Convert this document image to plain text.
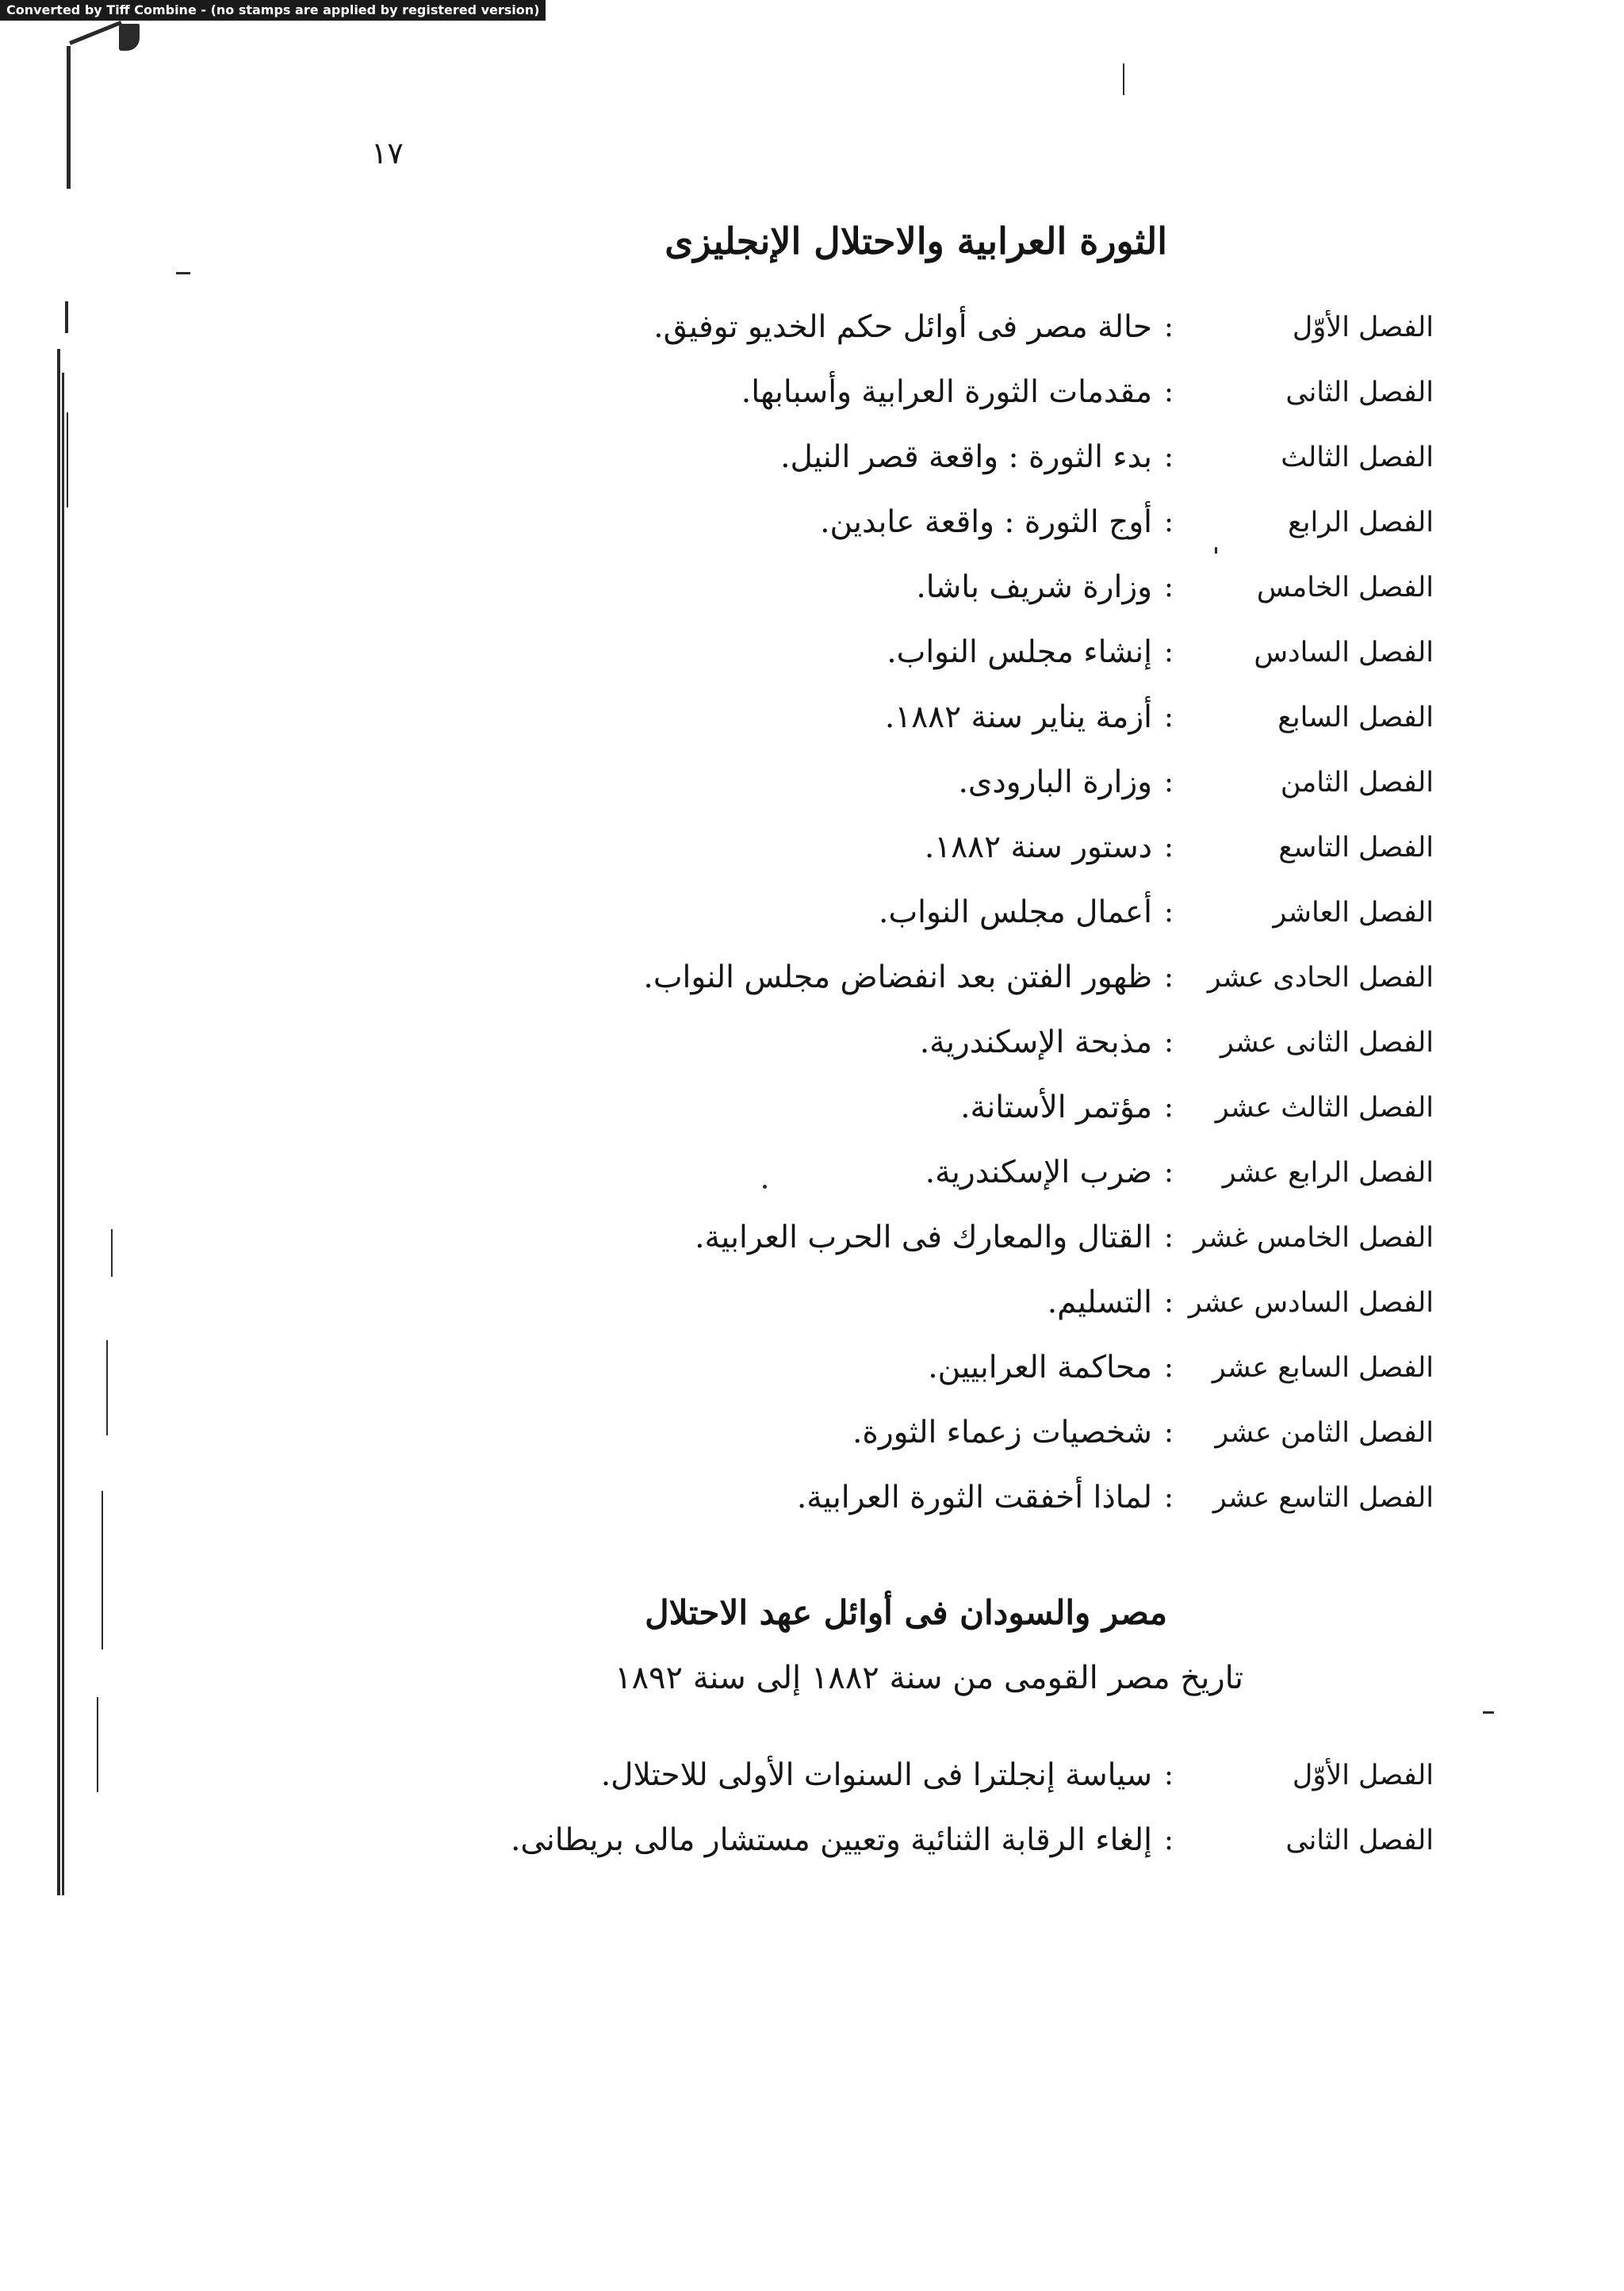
Converted by Tiff Combine - (no stamps are applied by registered version)
١٧
الثورة العرابية والاحتلال الإنجليزى
الفصل الأوّل
:
حالة مصر فى أوائل حكم الخديو توفيق.
الفصل الثانى
:
مقدمات الثورة العرابية وأسبابها.
الفصل الثالث
:
بدء الثورة : واقعة قصر النيل.
الفصل الرابع
:
أوج الثورة : واقعة عابدين.
الفصل الخامس
:
وزارة شريف باشا.
الفصل السادس
:
إنشاء مجلس النواب.
الفصل السابع
:
أزمة يناير سنة ١٨٨٢.
الفصل الثامن
:
وزارة البارودى.
الفصل التاسع
:
دستور سنة ١٨٨٢.
الفصل العاشر
:
أعمال مجلس النواب.
الفصل الحادى عشر
:
ظهور الفتن بعد انفضاض مجلس النواب.
الفصل الثانى عشر
:
مذبحة الإسكندرية.
الفصل الثالث عشر
:
مؤتمر الأستانة.
الفصل الرابع عشر
:
ضرب الإسكندرية.
الفصل الخامس غشر
:
القتال والمعارك فى الحرب العرابية.
الفصل السادس عشر
:
التسليم.
الفصل السابع عشر
:
محاكمة العرابيين.
الفصل الثامن عشر
:
شخصيات زعماء الثورة.
الفصل التاسع عشر
:
لماذا أخفقت الثورة العرابية.
مصر والسودان فى أوائل عهد الاحتلال
تاريخ مصر القومى من سنة ١٨٨٢ إلى سنة ١٨٩٢
الفصل الأوّل
:
سياسة إنجلترا فى السنوات الأولى للاحتلال.
الفصل الثانى
:
إلغاء الرقابة الثنائية وتعيين مستشار مالى بريطانى.
